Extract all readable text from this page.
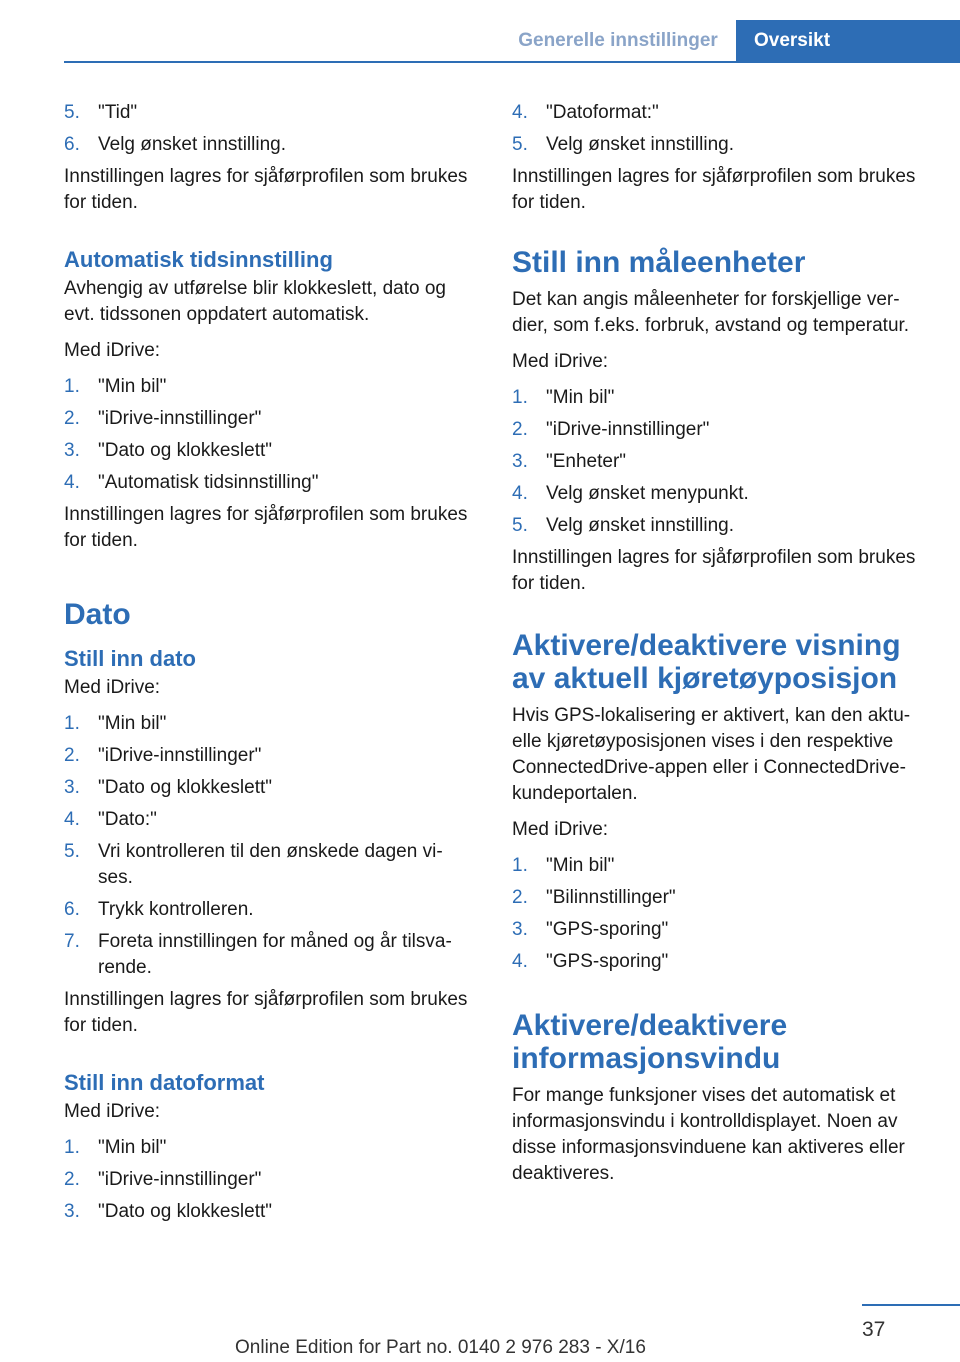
Generelle innstillinger	Oversikt
5. "Tid"
6. Velg ønsket innstilling.

Innstillingen lagres for sjåførprofilen som brukes for tiden.

Automatisk tidsinnstilling

Avhengig av utførelse blir klokkeslett, dato og evt. tidssonen oppdatert automatisk.

Med iDrive:

1. "Min bil"
2. "iDrive-innstillinger"
3. "Dato og klokkeslett"
4. "Automatisk tidsinnstilling"

Innstillingen lagres for sjåførprofilen som brukes for tiden.

Dato
Still inn dato

Med iDrive:

1. "Min bil"
2. "iDrive-innstillinger"
3. "Dato og klokkeslett"
4. "Dato:"
5. Vri kontrolleren til den ønskede dagen vises.
6. Trykk kontrolleren.
7. Foreta innstillingen for måned og år tilsvarende.

Innstillingen lagres for sjåførprofilen som brukes for tiden.

Still inn datoformat

Med iDrive:

1. "Min bil"
2. "iDrive-innstillinger"
3. "Dato og klokkeslett"
4. "Datoformat:"
5. Velg ønsket innstilling.

Innstillingen lagres for sjåførprofilen som brukes for tiden.

Still inn måleenheter

Det kan angis måleenheter for forskjellige verdier, som f.eks. forbruk, avstand og temperatur.

Med iDrive:

1. "Min bil"
2. "iDrive-innstillinger"
3. "Enheter"
4. Velg ønsket menypunkt.
5. Velg ønsket innstilling.

Innstillingen lagres for sjåførprofilen som brukes for tiden.

Aktivere/deaktivere visning av aktuell kjøretøyposisjon

Hvis GPS-lokalisering er aktivert, kan den aktuelle kjøretøyposisjonen vises i den respektive ConnectedDrive-appen eller i ConnectedDrive-kundeportalen.

Med iDrive:

1. "Min bil"
2. "Bilinnstillinger"
3. "GPS-sporing"
4. "GPS-sporing"
Aktivere/deaktivere informasjonsvindu

For mange funksjoner vises det automatisk et informasjonsvindu i kontrolldisplayet. Noen av disse informasjonsvinduene kan aktiveres eller deaktiveres.

37
Online Edition for Part no. 0140 2 976 283 - X/16
